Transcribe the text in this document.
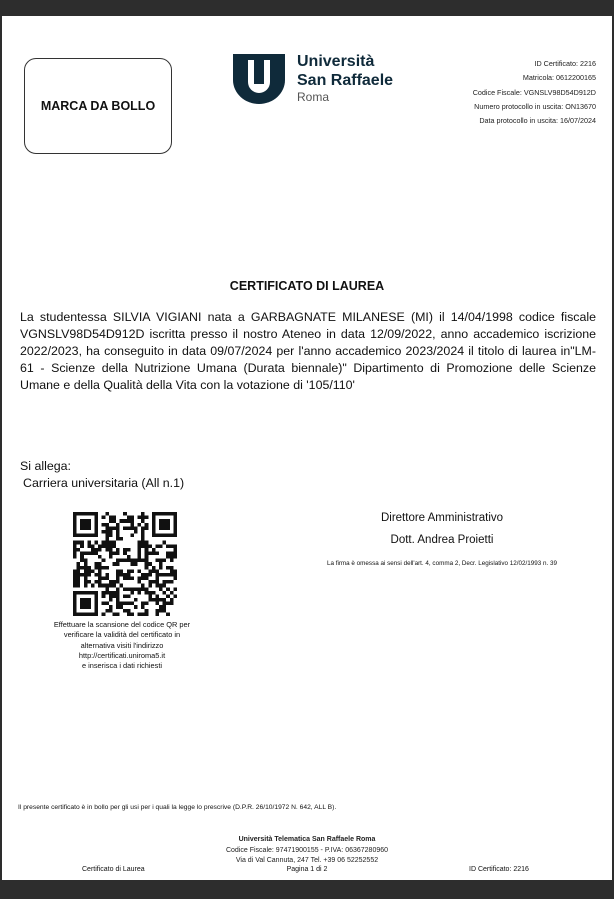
MARCA DA BOLLO
Università
San Raffaele
Roma
ID Certificato: 2216
Matricola: 0612200165
Codice Fiscale: VGNSLV98D54D912D
Numero protocollo in uscita: ON13670
Data protocollo in uscita: 16/07/2024
CERTIFICATO DI LAUREA
La studentessa SILVIA VIGIANI nata a GARBAGNATE MILANESE (MI) il 14/04/1998 codice fiscale VGNSLV98D54D912D iscritta presso il nostro Ateneo in data 12/09/2022, anno accademico iscrizione 2022/2023, ha conseguito in data 09/07/2024 per l'anno accademico 2023/2024 il titolo di laurea in"LM-61 - Scienze della Nutrizione Umana (Durata biennale)" Dipartimento di Promozione delle Scienze Umane e della Qualità della Vita con la votazione di '105/110'
Si allega:
Carriera universitaria (All n.1)
Effettuare la scansione del codice QR per
verificare la validità del certificato in
alternativa visiti l'indirizzo
http://certificati.uniroma5.it
e inserisca i dati richiesti
Direttore Amministrativo
Dott. Andrea Proietti
La firma è omessa ai sensi dell'art. 4, comma 2, Decr. Legislativo 12/02/1993 n. 39
Il presente certificato è in bollo per gli usi per i quali la legge lo prescrive (D.P.R. 26/10/1972 N. 642, ALL B).
Università Telematica San Raffaele Roma
Codice Fiscale: 97471900155 - P.IVA: 06367280960
Via di Val Cannuta, 247 Tel. +39 06 52252552
Pagina 1 di 2
Certificato di Laurea	ID Certificato: 2216
